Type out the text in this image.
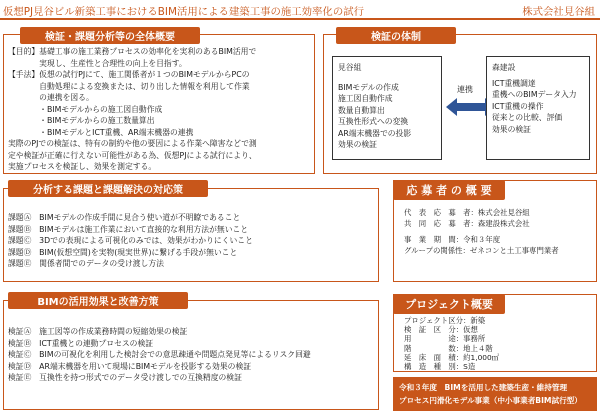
仮想PJ見谷ビル新築工事におけるBIM活用による建築工事の施工効率化の試行	株式会社見谷組
検証・課題分析等の全体概要
【目的】基礎工事の施工業務プロセスの効率化を実利のあるBIM活用で
　　　　実現し、生産性と合理性の向上を目指す。
【手法】仮想の試行PJにて、施工関係者が１つのBIMモデルからPCの
　　　　自動処理による変換または、切り出した情報を利用して作業
　　　　の連携を図る。
　　　　・BIMモデルからの施工図自動作成
　　　　・BIMモデルからの施工数量算出
　　　　・BIMモデルとICT重機、AR端末機器の連携
実際のPJでの検証は、特有の制約や他の要因による作業へ障害などで測
定や検証が正確に行えない可能性がある為、仮想PJによる試行により、
実施プロセスを検証し、効果を測定する。
検証の体制
見谷組
BIMモデルの作成
施工図自動作成
数量自動算出
互換性形式への変換
AR端末機器での投影
効果の検証
連携
森建設
ICT重機調達
重機へのBIMデータ入力
ICT重機の操作
従来との比較、評価
効果の検証
分析する課題と課題解決の対応策
課題Ⓐ　BIMモデルの作成手間に見合う使い道が不明瞭であること
課題Ⓑ　BIMモデルは施工作業において直接的な利用方法が無いこと
課題Ⓒ　3Dでの表現による可視化のみでは、効果がわかりにくいこと
課題Ⓓ　BIM(仮想空間)を実物(現実世界)に繋げる手段が無いこと
課題Ⓔ　関係者間でのデータの受け渡し方法
応 募 者 の 概 要
代　表　応　募　者：株式会社見谷組
共　同　応　募　者：森建設株式会社
事　業　期　間：令和３年度
グループの関係性：ゼネコンと土工事専門業者
BIMの活用効果と改善方策
検証Ⓐ　施工図等の作成業務時間の短縮効果の検証
検証Ⓑ　ICT重機との連動プロセスの検証
検証Ⓒ　BIMの可視化を利用した検討会での意思疎通や問題点発見等によるリスク回避
検証Ⓓ　AR端末機器を用いて現場にBIMモデルを投影する効果の検証
検証Ⓔ　互換性を持つ形式でのデータ受け渡しでの互換精度の検証
プロジェクト概要
プロジェクト区分：新築
検　証　区　分：仮想
用　　　　　途：事務所
階　　　　　数：地上４階
延　床　面　積：約1,000㎡
構　造　種　別：S造
令和３年度　BIMを活用した建築生産・維持管理
プロセス円滑化モデル事業（中小事業者BIM試行型）
